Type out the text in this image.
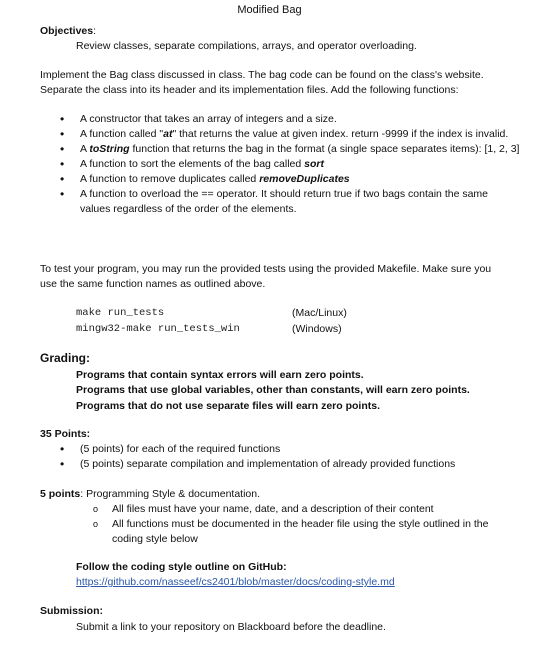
Modified Bag
Objectives:
Review classes, separate compilations, arrays, and operator overloading.
Implement the Bag class discussed in class. The bag code can be found on the class's website. Separate the class into its header and its implementation files. Add the following functions:
• A constructor that takes an array of integers and a size.
• A function called "at" that returns the value at given index. return -9999 if the index is invalid.
• A toString function that returns the bag in the format (a single space separates items): [1, 2, 3]
• A function to sort the elements of the bag called sort
• A function to remove duplicates called removeDuplicates
• A function to overload the == operator. It should return true if two bags contain the same values regardless of the order of the elements.
To test your program, you may run the provided tests using the provided Makefile. Make sure you use the same function names as outlined above.
make run_tests	(Mac/Linux)
mingw32-make run_tests_win	(Windows)
Grading:
Programs that contain syntax errors will earn zero points.
Programs that use global variables, other than constants, will earn zero points.
Programs that do not use separate files will earn zero points.
35 Points:
• (5 points) for each of the required functions
• (5 points) separate compilation and implementation of already provided functions
5 points: Programming Style & documentation.
o All files must have your name, date, and a description of their content
o All functions must be documented in the header file using the style outlined in the coding style below
Follow the coding style outline on GitHub:
https://github.com/nasseef/cs2401/blob/master/docs/coding-style.md
Submission:
Submit a link to your repository on Blackboard before the deadline.
